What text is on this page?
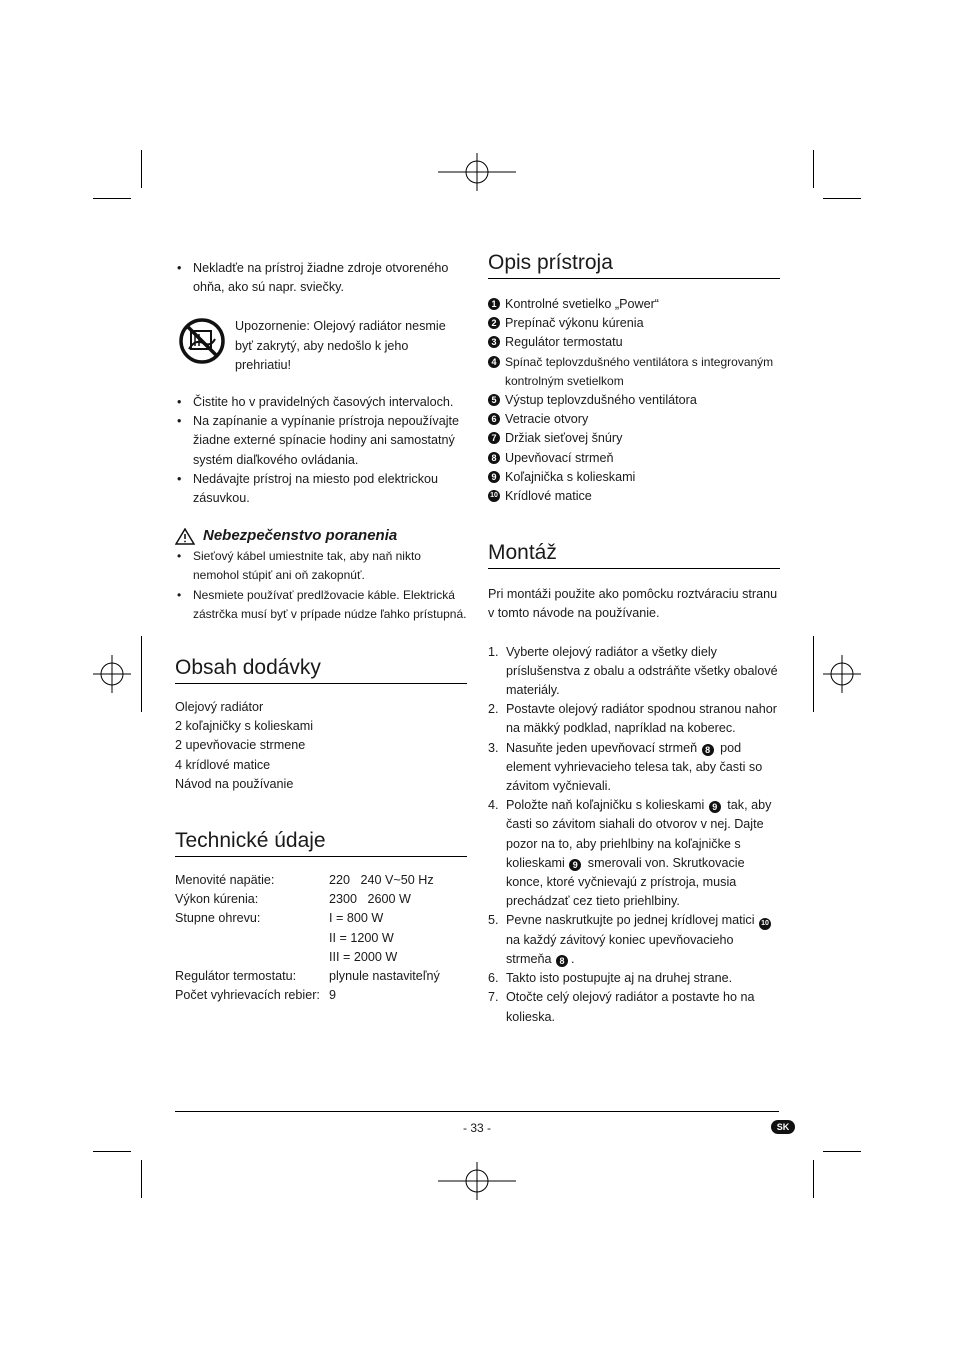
• Nekladťe na prístroj žiadne zdroje otvoreného ohňa, ako sú napr. sviečky.
Upozornenie: Olejový radiátor nesmie byť zakrytý, aby nedošlo k jeho prehriatiu!
• Čistite ho v pravidelných časových intervaloch.
• Na zapínanie a vypínanie prístroja nepoužívajte žiadne externé spínacie hodiny ani samostatný systém diaľkového ovládania.
• Nedávajte prístroj na miesto pod elektrickou zásuvkou.
Nebezpečenstvo poranenia
• Sieťový kábel umiestnite tak, aby naň nikto nemohol stúpiť ani oň zakopnúť.
• Nesmiete používať predlžovacie káble. Elektrická zástrčka musí byť v prípade núdze ľahko prístupná.
Obsah dodávky
Olejový radiátor
2 koľajničky s kolieskami
2 upevňovacie strmene
4 krídlové matice
Návod na používanie
Technické údaje
Menovité napätie:	220   240 V~50 Hz
Výkon kúrenia:	2300   2600 W
Stupne ohrevu:	I = 800 W
	II = 1200 W
	III = 2000 W
Regulátor termostatu:	plynule nastaviteľný
Počet vyhrievacích rebier:	9
Opis prístroja
1 Kontrolné svetielko „Power“
2 Prepínač výkonu kúrenia
3 Regulátor termostatu
4 Spínač teplovzdušného ventilátora s integrovaným kontrolným svetielkom
5 Výstup teplovzdušného ventilátora
6 Vetracie otvory
7 Držiak sieťovej šnúry
8 Upevňovací strmeň
9 Koľajnička s kolieskami
10 Krídlové matice
Montáž

Pri montáži použite ako pomôcku roztváraciu stranu v tomto návode na používanie.

1. Vyberte olejový radiátor a všetky diely príslušenstva z obalu a odstráňte všetky obalové materiály.
2. Postavte olejový radiátor spodnou stranou nahor na mäkký podklad, napríklad na koberec.
3. Nasuňte jeden upevňovací strmeň 8 pod element vyhrievacieho telesa tak, aby časti so závitom vyčnievali.
4. Položte naň koľajničku s kolieskami 9 tak, aby časti so závitom siahali do otvorov v nej. Dajte pozor na to, aby priehlbiny na koľajničke s kolieskami 9 smerovali von. Skrutkovacie konce, ktoré vyčnievajú z prístroja, musia prechádzať cez tieto priehlbiny.
5. Pevne naskrutkujte po jednej krídlovej matici 10 na každý závitový koniec upevňovacieho strmeňa 8 .
6. Takto isto postupujte aj na druhej strane.
7. Otočte celý olejový radiátor a postavte ho na kolieska.
- 33 -	SK
